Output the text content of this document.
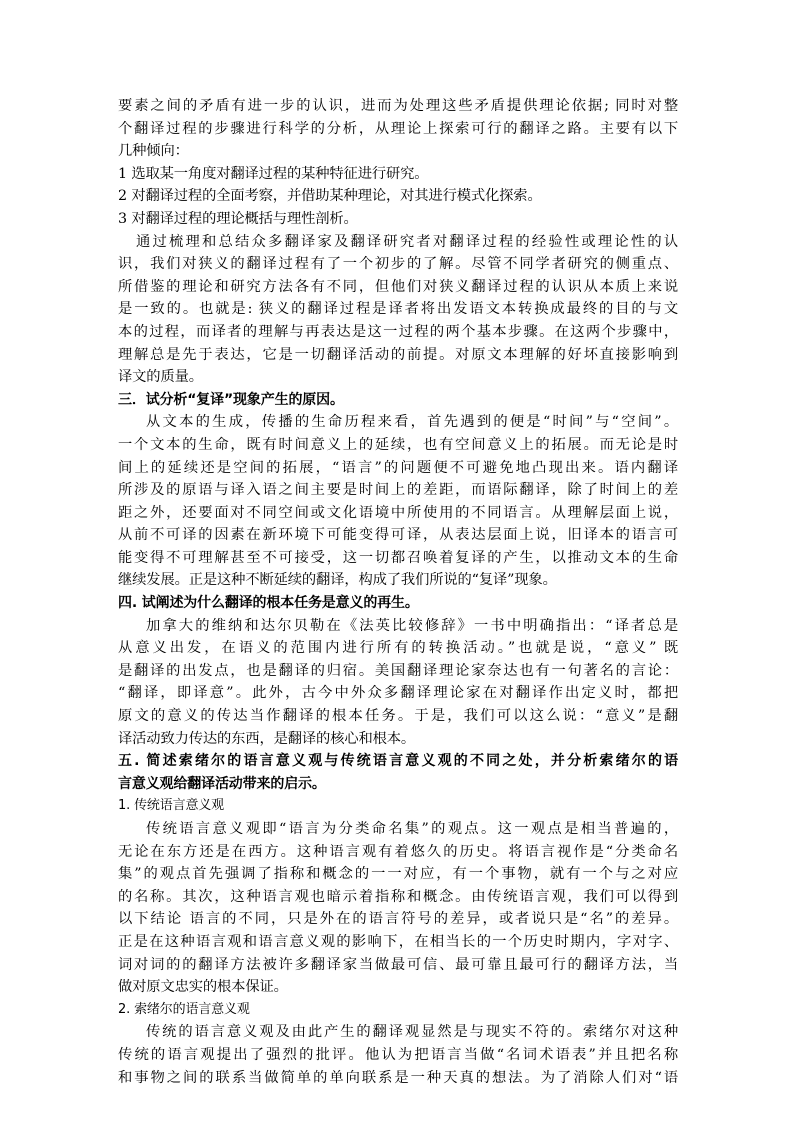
要素之间的矛盾有进一步的认识，进而为处理这些矛盾提供理论依据; 同时对整
个翻译过程的步骤进行科学的分析，从理论上探索可行的翻译之路。主要有以下
几种倾向：
1 选取某一角度对翻译过程的某种特征进行研究。
2 对翻译过程的全面考察，并借助某种理论，对其进行模式化探索。
3 对翻译过程的理论概括与理性剖析。
通过梳理和总结众多翻译家及翻译研究者对翻译过程的经验性或理论性的认
识，我们对狭义的翻译过程有了一个初步的了解。尽管不同学者研究的侧重点、
所借鉴的理论和研究方法各有不同，但他们对狭义翻译过程的认识从本质上来说
是一致的。也就是: 狭义的翻译过程是译者将出发语文本转换成最终的目的与文
本的过程，而译者的理解与再表达是这一过程的两个基本步骤。在这两个步骤中，
理解总是先于表达，它是一切翻译活动的前提。对原文本理解的好坏直接影响到
译文的质量。
三．试分析“复译”现象产生的原因。
从文本的生成，传播的生命历程来看，首先遇到的便是“时间”与“空间”。
一个文本的生命，既有时间意义上的延续，也有空间意义上的拓展。而无论是时
间上的延续还是空间的拓展，“语言”的问题便不可避免地凸现出来。语内翻译
所涉及的原语与译入语之间主要是时间上的差距，而语际翻译，除了时间上的差
距之外，还要面对不同空间或文化语境中所使用的不同语言。从理解层面上说，
从前不可译的因素在新环境下可能变得可译，从表达层面上说，旧译本的语言可
能变得不可理解甚至不可接受，这一切都召唤着复译的产生，以推动文本的生命
继续发展。正是这种不断延续的翻译，构成了我们所说的“复译”现象。
四. 试阐述为什么翻译的根本任务是意义的再生。
加拿大的维纳和达尔贝勒在《法英比较修辞》一书中明确指出：“译者总是
从意义出发，在语义的范围内进行所有的转换活动。”也就是说，“意义” 既
是翻译的出发点，也是翻译的归宿。美国翻译理论家奈达也有一句著名的言论：
“翻译，即译意”。此外，古今中外众多翻译理论家在对翻译作出定义时，都把
原文的意义的传达当作翻译的根本任务。于是，我们可以这么说：“意义”是翻
译活动致力传达的东西，是翻译的核心和根本。
五. 简述索绪尔的语言意义观与传统语言意义观的不同之处，并分析索绪尔的语
言意义观给翻译活动带来的启示。
1. 传统语言意义观
传统语言意义观即“语言为分类命名集”的观点。这一观点是相当普遍的，
无论在东方还是在西方。这种语言观有着悠久的历史。将语言视作是“分类命名
集”的观点首先强调了指称和概念的一一对应，有一个事物，就有一个与之对应
的名称。其次，这种语言观也暗示着指称和概念。由传统语言观，我们可以得到
以下结论 语言的不同，只是外在的语言符号的差异，或者说只是“名”的差异。
正是在这种语言观和语言意义观的影响下，在相当长的一个历史时期内，字对字、
词对词的的翻译方法被许多翻译家当做最可信、最可靠且最可行的翻译方法，当
做对原文忠实的根本保证。
2. 索绪尔的语言意义观
传统的语言意义观及由此产生的翻译观显然是与现实不符的。索绪尔对这种
传统的语言观提出了强烈的批评。他认为把语言当做“名词术语表”并且把名称
和事物之间的联系当做简单的单向联系是一种天真的想法。为了消除人们对“语
